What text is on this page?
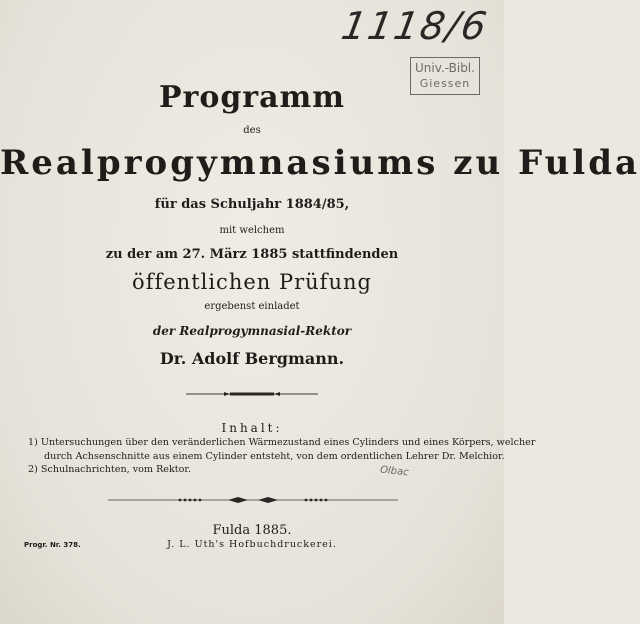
1118/6
Univ.-Bibl.
Giessen
Programm
des
Realprogymnasiums zu Fulda
für das Schuljahr 1884/85,
mit welchem
zu der am 27. März 1885 stattfindenden
öffentlichen Prüfung
ergebenst einladet
der Realprogymnasial-Rektor
Dr. Adolf Bergmann.
Inhalt:
1) Untersuchungen über den veränderlichen Wärmezustand eines Cylinders und eines Körpers, welcher
durch Achsenschnitte aus einem Cylinder entsteht, von dem ordentlichen Lehrer Dr. Melchior.
2) Schulnachrichten, vom Rektor.	Olbac
Fulda 1885.
J. L. Uth's Hofbuchdruckerei.
Progr. Nr. 378.
